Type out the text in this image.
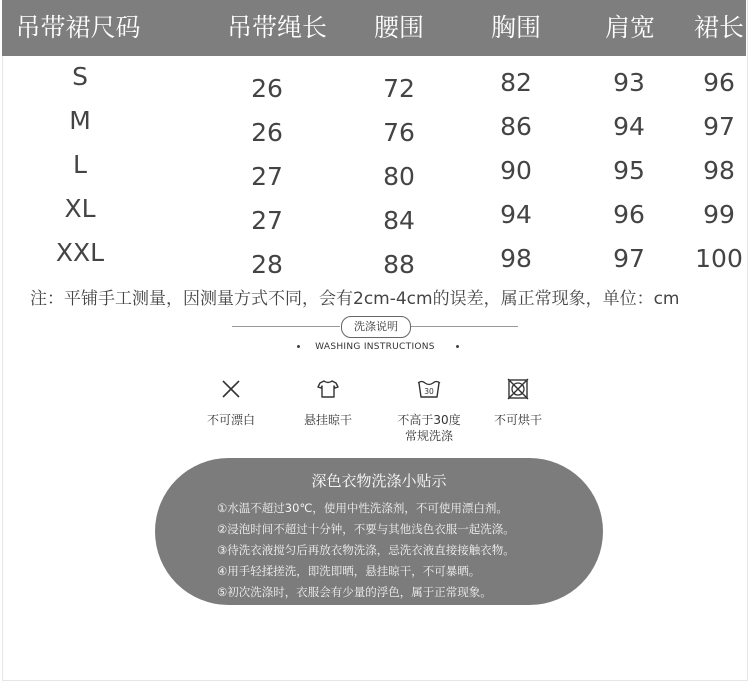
吊带裙尺码	吊带绳长	腰围	胸围	肩宽	裙长
S	26	72	82	93	96
M	26	76	86	94	97
L	27	80	90	95	98
XL	27	84	94	96	99
XXL	28	88	98	97	100
注：平铺手工测量，因测量方式不同，会有2cm-4cm的误差，属正常现象，单位：cm
洗涤说明
WASHING INSTRUCTIONS
不可漂白	悬挂晾干
30
不高于30度
常规洗涤
不可烘干
深色衣物洗涤小贴示
①水温不超过30℃，使用中性洗涤剂，不可使用漂白剂。
②浸泡时间不超过十分钟，不要与其他浅色衣服一起洗涤。
③待洗衣液搅匀后再放衣物洗涤，忌洗衣液直接接触衣物。
④用手轻揉搓洗，即洗即晒，悬挂晾干，不可暴晒。
⑤初次洗涤时，衣服会有少量的浮色，属于正常现象。
